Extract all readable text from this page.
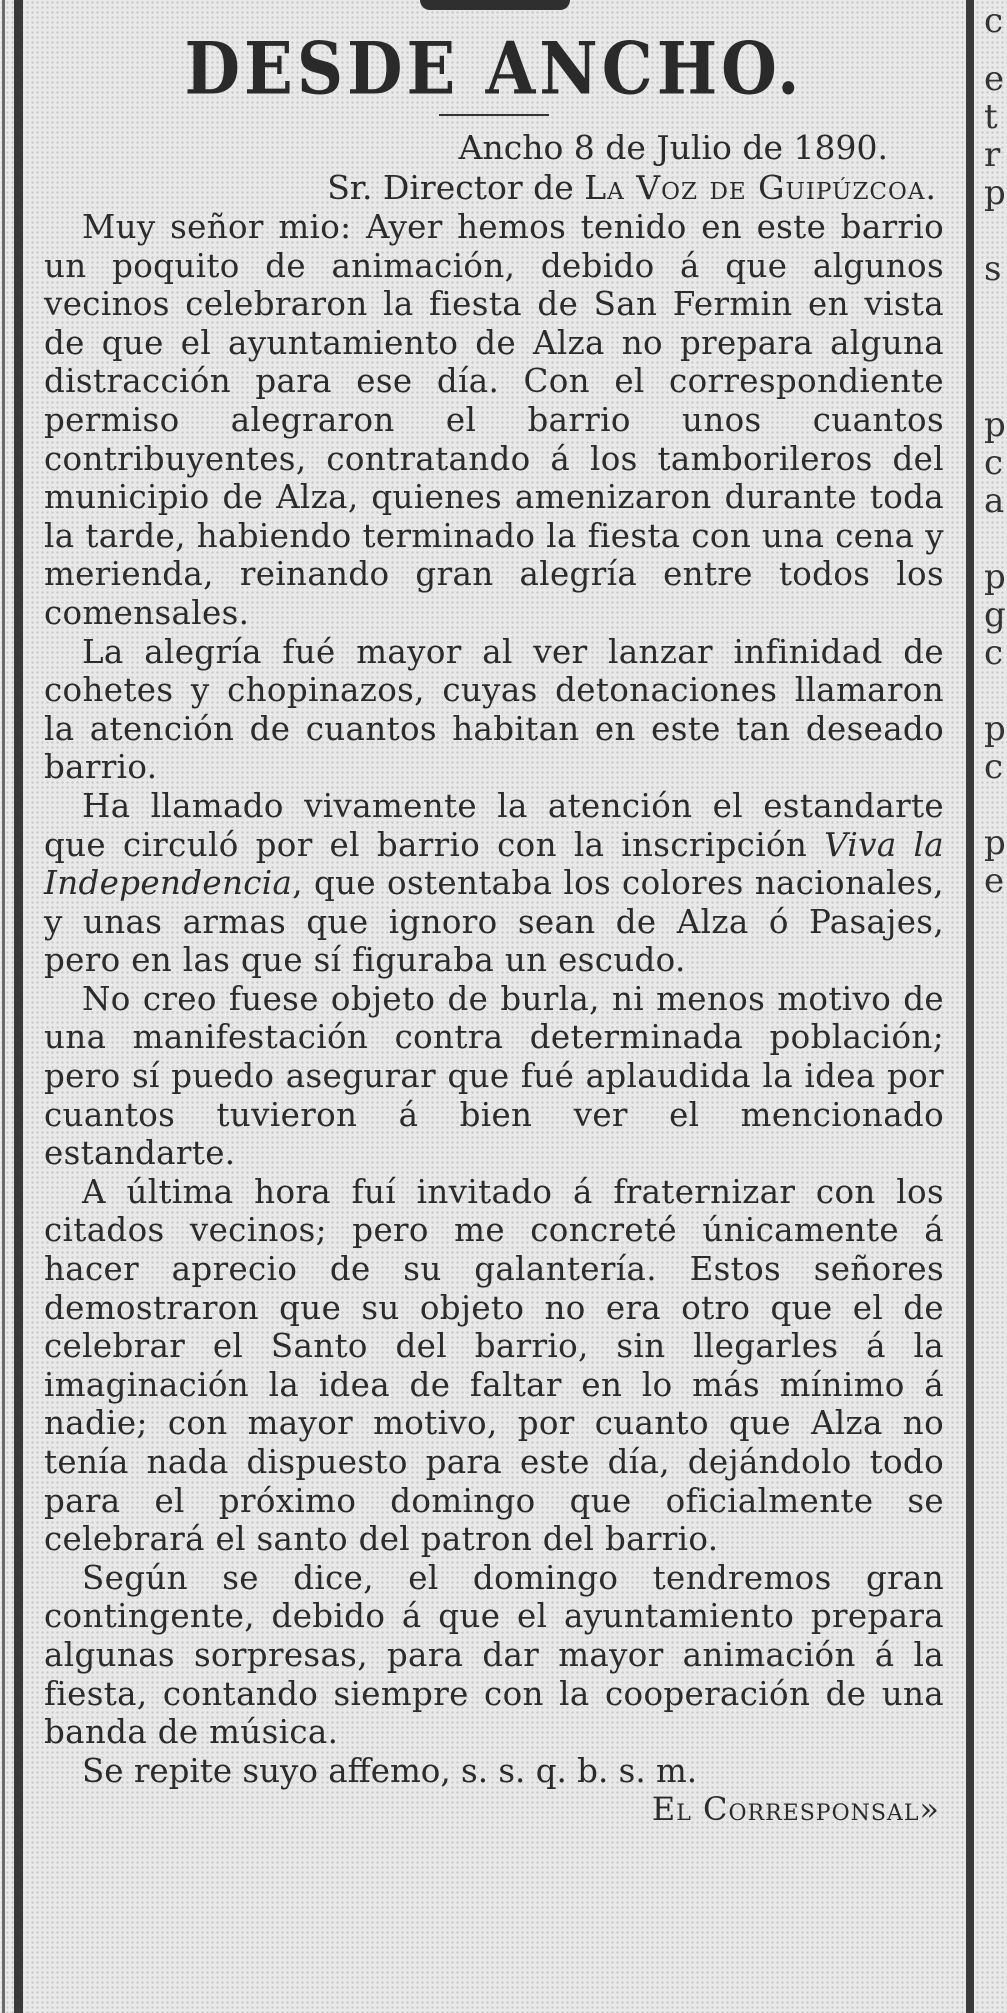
c
e
t
r
p
s
p
c
a
p
g
c
p
c
p
e
DESDE ANCHO.

Ancho 8 de Julio de 1890.

Sr. Director de La Voz de Guipúzcoa.

Muy señor mio: Ayer hemos tenido en este barrio un poquito de animación, debido á que algunos vecinos celebraron la fiesta de San Fermin en vista de que el ayuntamiento de Alza no prepara alguna distracción para ese día. Con el correspondiente permiso alegraron el barrio unos cuantos contribuyentes, contratando á los tamborileros del municipio de Alza, quienes amenizaron durante toda la tarde, habiendo terminado la fiesta con una cena y merienda, reinando gran alegría entre todos los comensales.

La alegría fué mayor al ver lanzar infinidad de cohetes y chopinazos, cuyas detonaciones llamaron la atención de cuantos habitan en este tan deseado barrio.

Ha llamado vivamente la atención el estandarte que circuló por el barrio con la inscripción Viva la Independencia, que ostentaba los colores nacionales, y unas armas que ignoro sean de Alza ó Pasajes, pero en las que sí figuraba un escudo.

No creo fuese objeto de burla, ni menos motivo de una manifestación contra determinada población; pero sí puedo asegurar que fué aplaudida la idea por cuantos tuvieron á bien ver el mencionado estandarte.

A última hora fuí invitado á fraternizar con los citados vecinos; pero me concreté únicamente á hacer aprecio de su galantería. Estos señores demostraron que su objeto no era otro que el de celebrar el Santo del barrio, sin llegarles á la imaginación la idea de faltar en lo más mínimo á nadie; con mayor motivo, por cuanto que Alza no tenía nada dispuesto para este día, dejándolo todo para el próximo domingo que oficialmente se celebrará el santo del patron del barrio.

Según se dice, el domingo tendremos gran contingente, debido á que el ayuntamiento prepara algunas sorpresas, para dar mayor animación á la fiesta, contando siempre con la cooperación de una banda de música.

Se repite suyo affemo, s. s. q. b. s. m.

El Corresponsal»
